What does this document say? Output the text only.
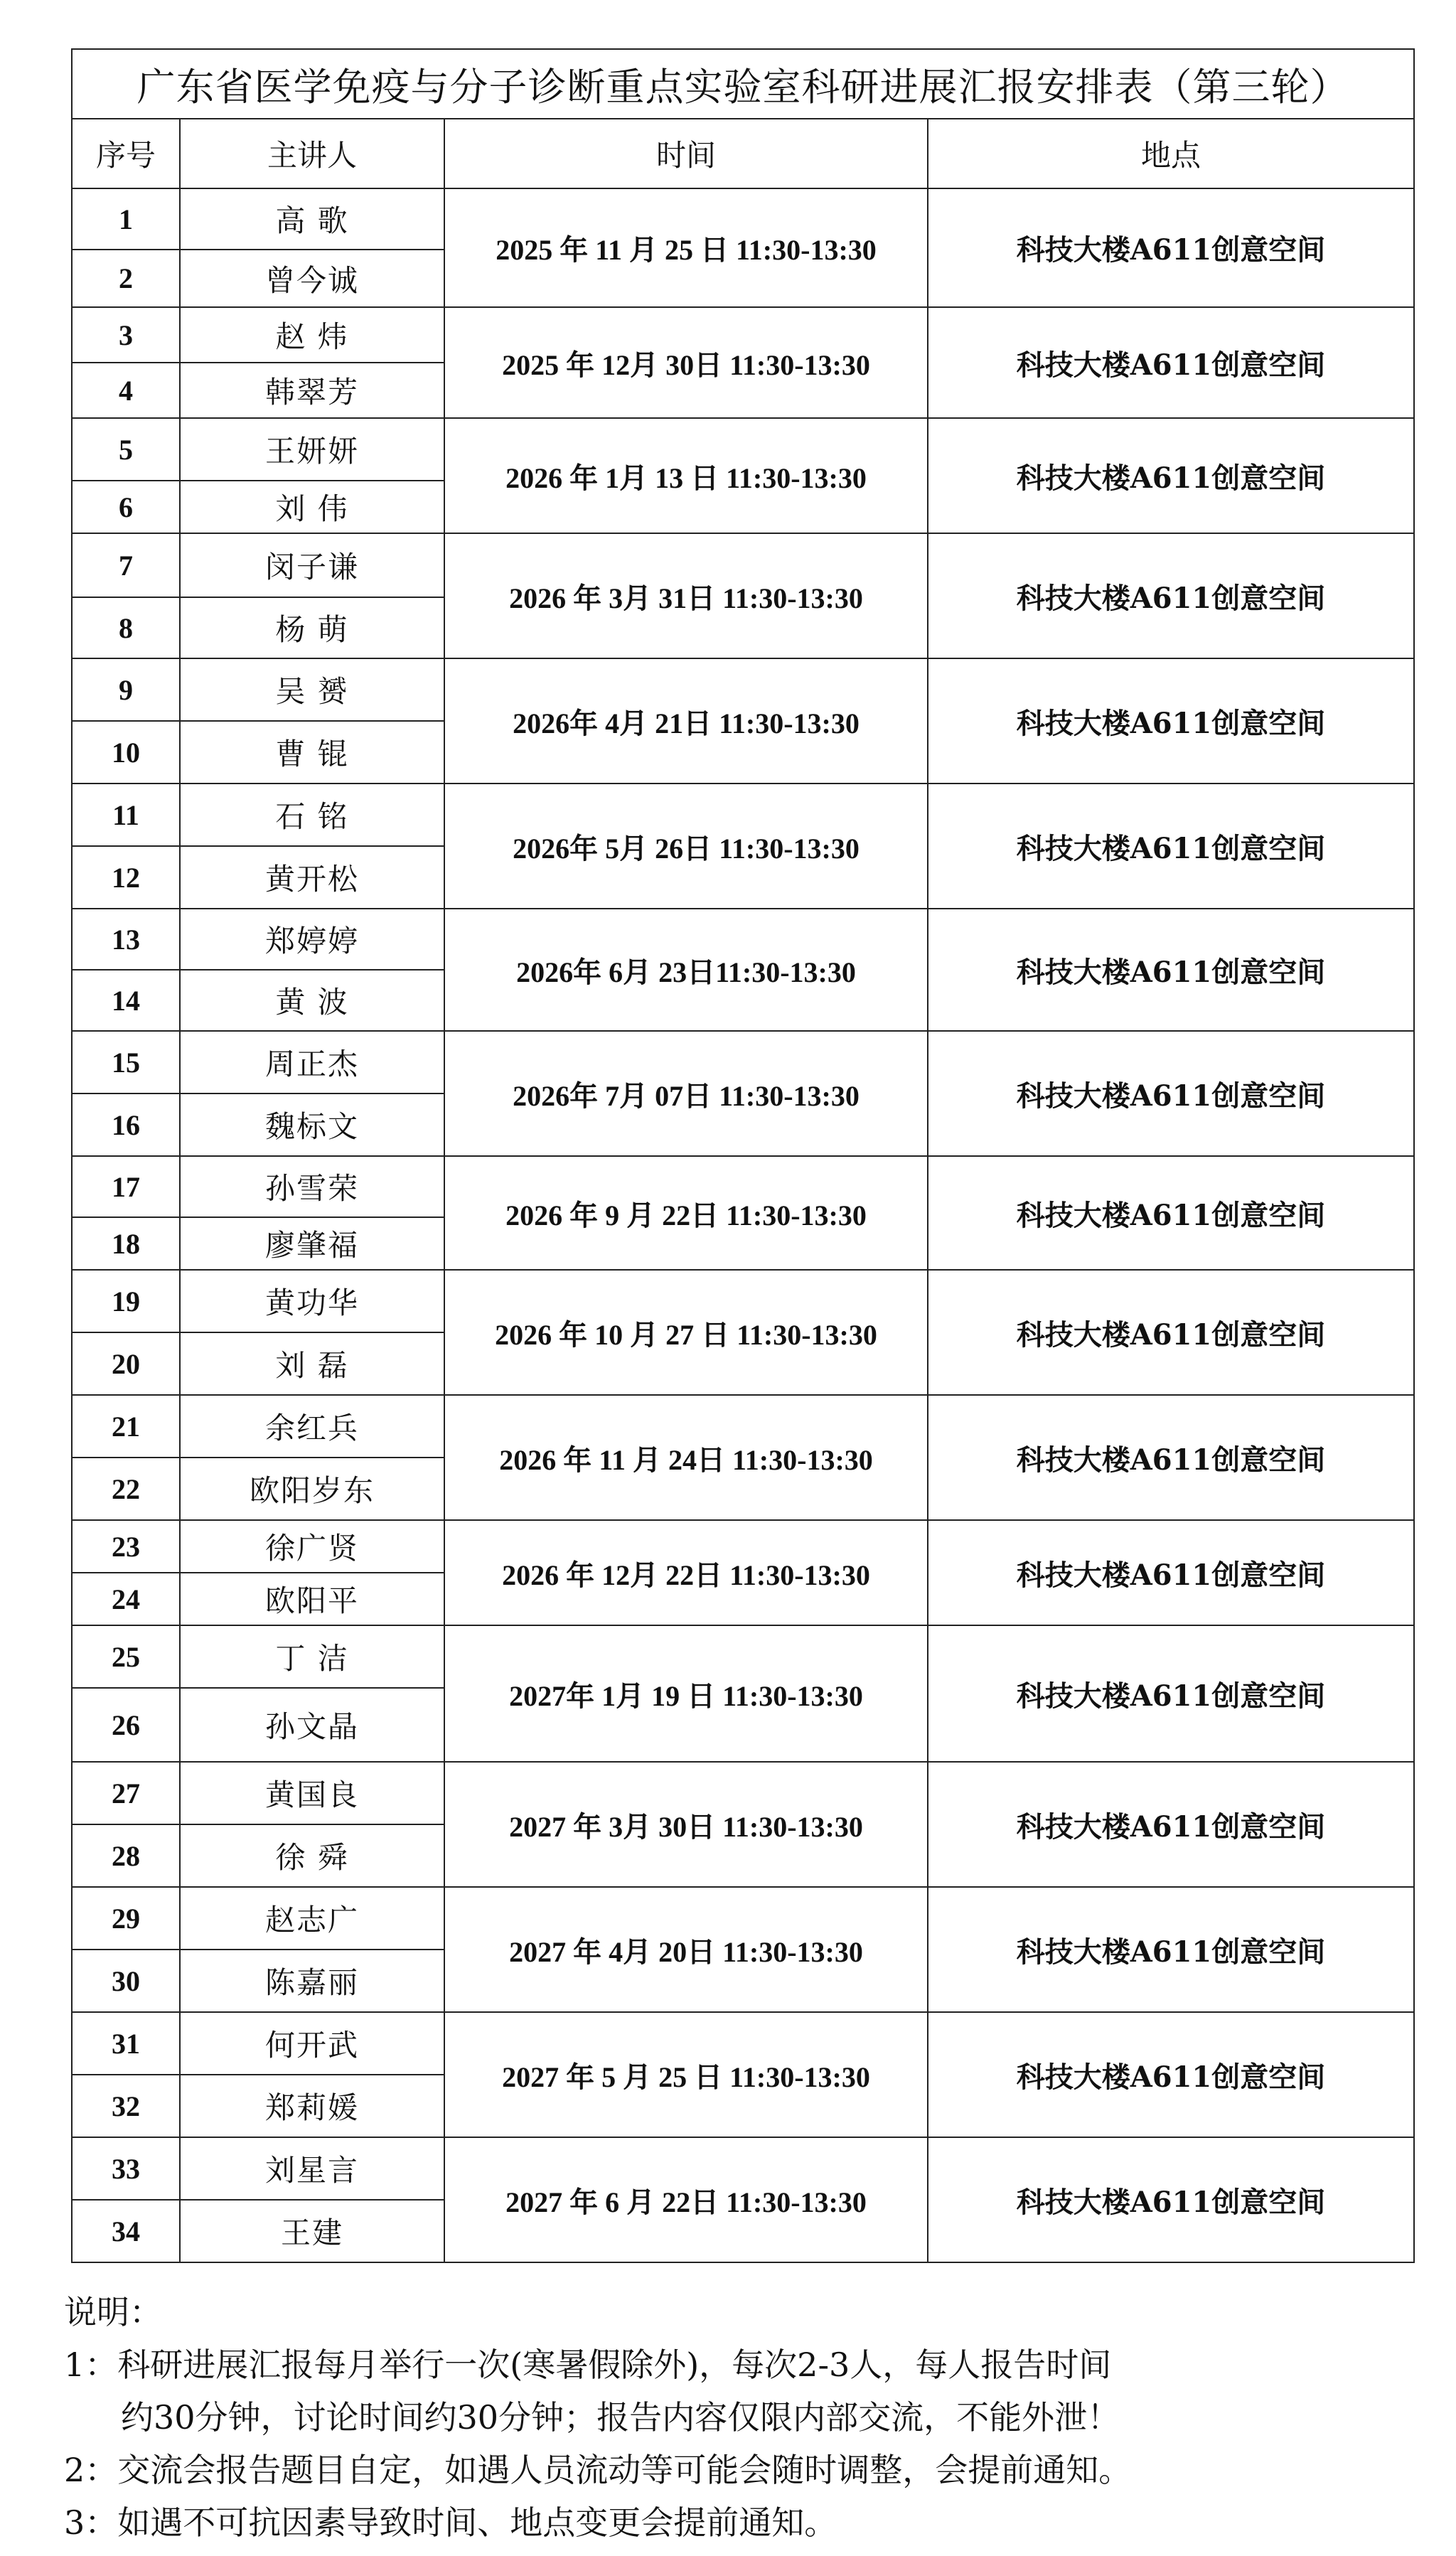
广东省医学免疫与分子诊断重点实验室科研进展汇报安排表（第三轮）			
序号	主讲人	时间	地点
1	高 歌	2025 年 11 月 25 日 11:30-13:30	科技大楼A611创意空间
2	曾今诚		
3	赵 炜	2025 年 12月 30日 11:30-13:30	科技大楼A611创意空间
4	韩翠芳		
5	王妍妍	2026 年 1月 13 日 11:30-13:30	科技大楼A611创意空间
6	刘 伟		
7	闵子谦	2026 年 3月 31日 11:30-13:30	科技大楼A611创意空间
8	杨 萌		
9	吴 赟	2026年 4月 21日 11:30-13:30	科技大楼A611创意空间
10	曹 锟		
11	石 铭	2026年 5月 26日 11:30-13:30	科技大楼A611创意空间
12	黄开松		
13	郑婷婷	2026年 6月 23日11:30-13:30	科技大楼A611创意空间
14	黄 波		
15	周正杰	2026年 7月 07日 11:30-13:30	科技大楼A611创意空间
16	魏标文		
17	孙雪荣	2026 年 9 月 22日 11:30-13:30	科技大楼A611创意空间
18	廖肇福		
19	黄功华	2026 年 10 月 27 日 11:30-13:30	科技大楼A611创意空间
20	刘 磊		
21	余红兵	2026 年 11 月 24日 11:30-13:30	科技大楼A611创意空间
22	欧阳岁东		
23	徐广贤	2026 年 12月 22日 11:30-13:30	科技大楼A611创意空间
24	欧阳平		
25	丁 洁	2027年 1月 19 日 11:30-13:30	科技大楼A611创意空间
26	孙文晶		
27	黄国良	2027 年 3月 30日 11:30-13:30	科技大楼A611创意空间
28	徐 舜		
29	赵志广	2027 年 4月 20日 11:30-13:30	科技大楼A611创意空间
30	陈嘉丽		
31	何开武	2027 年 5 月 25 日 11:30-13:30	科技大楼A611创意空间
32	郑莉媛		
33	刘星言	2027 年 6 月 22日 11:30-13:30	科技大楼A611创意空间
34	王建		
说明：
1：科研进展汇报每月举行一次(寒暑假除外)，每次2-3人，每人报告时间
约30分钟，讨论时间约30分钟；报告内容仅限内部交流，不能外泄！
2：交流会报告题目自定，如遇人员流动等可能会随时调整，会提前通知。
3：如遇不可抗因素导致时间、地点变更会提前通知。
